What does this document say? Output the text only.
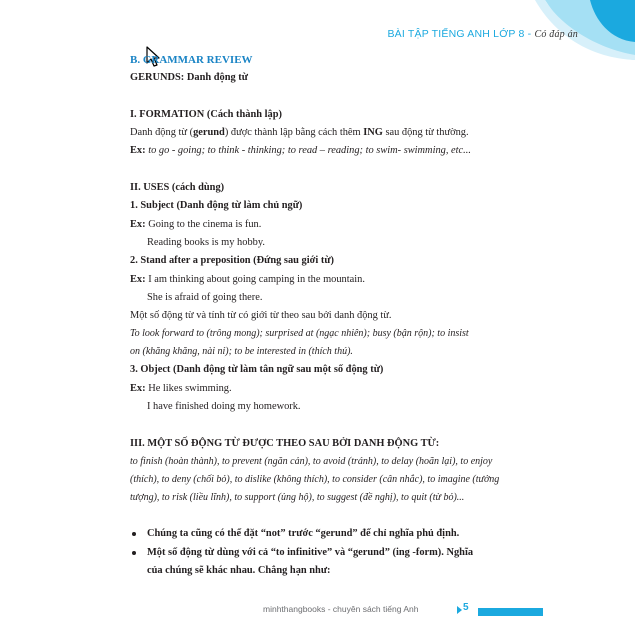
BÀI TẬP TIẾNG ANH LỚP 8 - Có đáp án
B. GRAMMAR REVIEW
GERUNDS: Danh động từ
I. FORMATION (Cách thành lập)
Danh động từ (gerund) được thành lập bằng cách thêm ING sau động từ thường.
Ex: to go - going; to think - thinking; to read – reading; to swim- swimming, etc...
II. USES (cách dùng)
1. Subject (Danh động từ làm chủ ngữ)
Ex: Going to the cinema is fun.
Reading books is my hobby.
2. Stand after a preposition (Đứng sau giới từ)
Ex: I am thinking about going camping in the mountain.
She is afraid of going there.
Một số động từ và tính từ có giới từ theo sau bởi danh động từ.
To look forward to (trông mong); surprised at (ngạc nhiên); busy (bận rộn); to insist
on (khăng khăng, nài nỉ); to be interested in (thích thú).
3. Object (Danh động từ làm tân ngữ sau một số động từ)
Ex: He likes swimming.
I have finished doing my homework.
III. MỘT SỐ ĐỘNG TỪ ĐƯỢC THEO SAU BỞI DANH ĐỘNG TỪ:
to finish (hoàn thành), to prevent (ngăn cản), to avoid (tránh), to delay (hoãn lại), to enjoy
(thích), to deny (chối bỏ), to dislike (không thích), to consider (cân nhắc), to imagine (tưởng
tượng), to risk (liều lĩnh), to support (ủng hộ), to suggest (đề nghị), to quit (từ bỏ)...
Chúng ta cũng có thể đặt “not” trước “gerund” để chỉ nghĩa phủ định.
Một số động từ dùng với cả “to infinitive” và “gerund” (ing -form). Nghĩa
của chúng sẽ khác nhau. Chẳng hạn như:
minhthangbooks - chuyên sách tiếng Anh	5
